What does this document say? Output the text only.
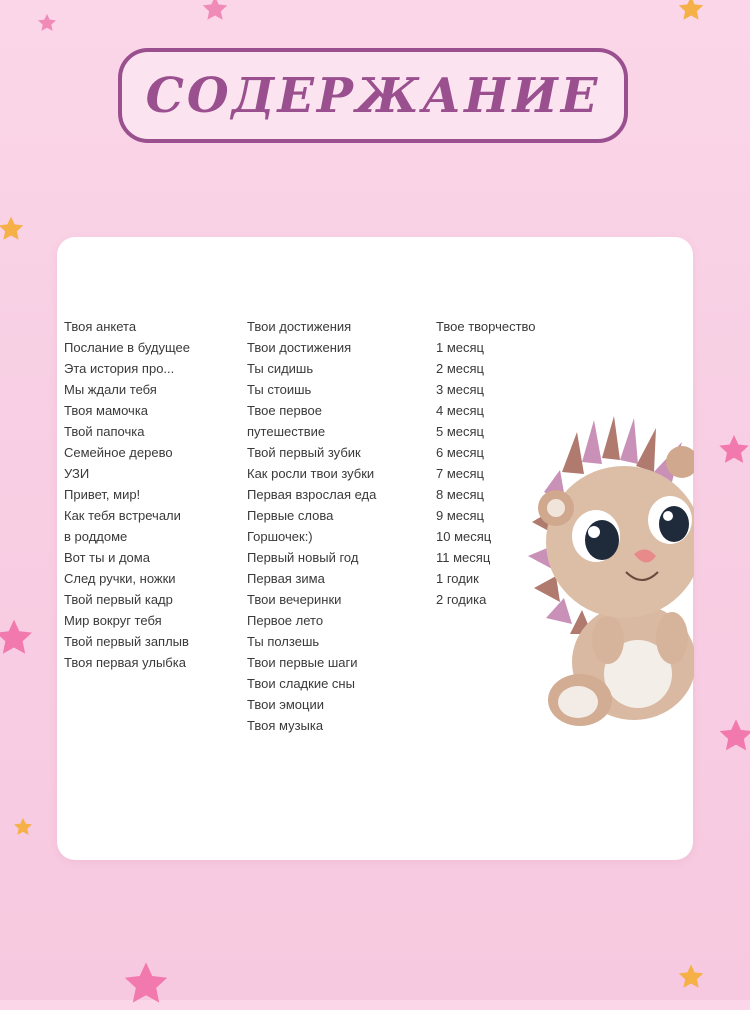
СОДЕРЖАНИЕ
Твоя анкета
Послание в будущее
Эта история про...
Мы ждали тебя
Твоя мамочка
Твой папочка
Семейное дерево
УЗИ
Привет, мир!
Как тебя встречали
в роддоме
Вот ты и дома
След ручки, ножки
Твой первый кадр
Мир вокруг тебя
Твой первый заплыв
Твоя первая улыбка
Твои достижения
Твои достижения
Ты сидишь
Ты стоишь
Твое первое
путешествие
Твой первый зубик
Как росли твои зубки
Первая взрослая еда
Первые слова
Горшочек:)
Первый новый год
Первая зима
Твои вечеринки
Первое лето
Ты ползешь
Твои первые шаги
Твои сладкие сны
Твои эмоции
Твоя музыка
Твое творчество
1 месяц
2 месяц
3 месяц
4 месяц
5 месяц
6 месяц
7 месяц
8 месяц
9 месяц
10 месяц
11 месяц
1 годик
2 годика
